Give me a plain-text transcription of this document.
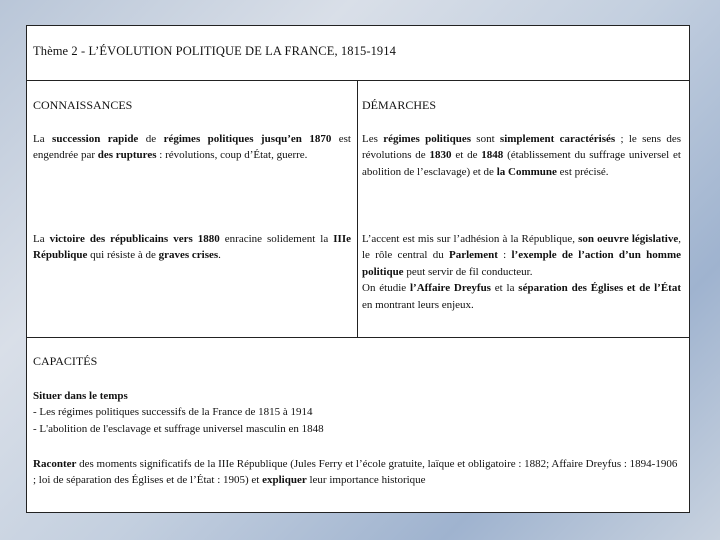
Thème 2 - L’ÉVOLUTION POLITIQUE DE LA FRANCE, 1815-1914
CONNAISSANCES	DÉMARCHES
La succession rapide de régimes politiques jusqu’en 1870 est engendrée par des ruptures : révolutions, coup d’État, guerre.
La victoire des républicains vers 1880 enracine solidement la IIIe République qui résiste à de graves crises.
Les régimes politiques sont simplement caractérisés ; le sens des révolutions de 1830 et de 1848 (établissement du suffrage universel et abolition de l’esclavage) et de la Commune est précisé.
L’accent est mis sur l’adhésion à la République, son oeuvre législative, le rôle central du Parlement : l’exemple de l’action d’un homme politique peut servir de fil conducteur.
On étudie l’Affaire Dreyfus et la séparation des Églises et de l’État en montrant leurs enjeux.
CAPACITÉS
Situer dans le temps
- Les régimes politiques successifs de la France de 1815 à 1914
- L'abolition de l'esclavage et suffrage universel masculin en 1848
Raconter des moments significatifs de la IIIe République (Jules Ferry et l’école gratuite, laïque et obligatoire : 1882; Affaire Dreyfus : 1894-1906 ; loi de séparation des Églises et de l’État : 1905) et expliquer leur importance historique
